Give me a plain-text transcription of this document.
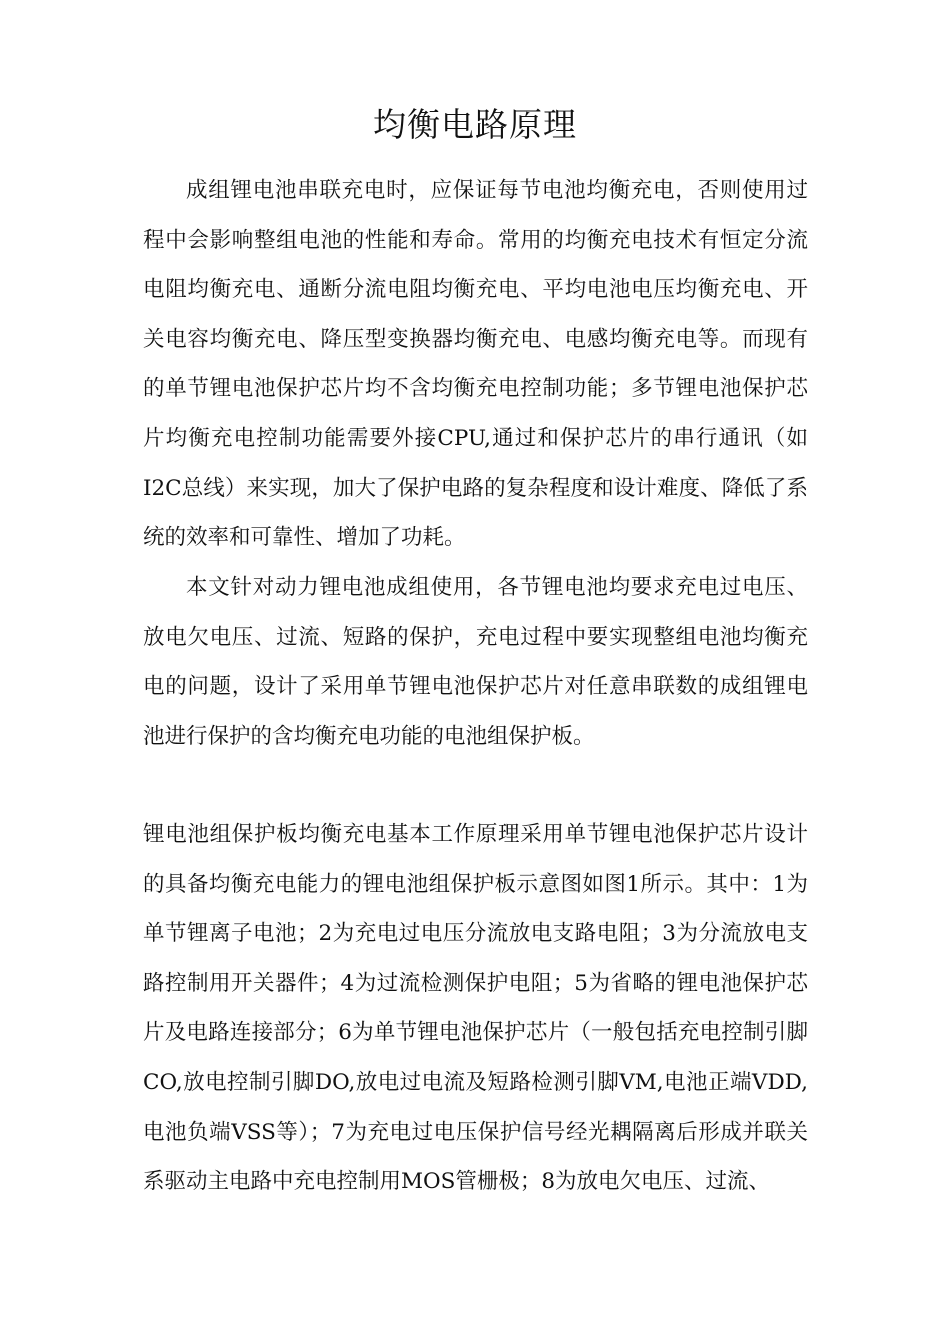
均衡电路原理

成组锂电池串联充电时，应保证每节电池均衡充电，否则使用过程中会影响整组电池的性能和寿命。常用的均衡充电技术有恒定分流电阻均衡充电、通断分流电阻均衡充电、平均电池电压均衡充电、开关电容均衡充电、降压型变换器均衡充电、电感均衡充电等。而现有的单节锂电池保护芯片均不含均衡充电控制功能；多节锂电池保护芯片均衡充电控制功能需要外接CPU,通过和保护芯片的串行通讯（如I2C总线）来实现，加大了保护电路的复杂程度和设计难度、降低了系统的效率和可靠性、增加了功耗。

本文针对动力锂电池成组使用，各节锂电池均要求充电过电压、放电欠电压、过流、短路的保护，充电过程中要实现整组电池均衡充电的问题，设计了采用单节锂电池保护芯片对任意串联数的成组锂电池进行保护的含均衡充电功能的电池组保护板。

锂电池组保护板均衡充电基本工作原理采用单节锂电池保护芯片设计的具备均衡充电能力的锂电池组保护板示意图如图1所示。其中：1为单节锂离子电池；2为充电过电压分流放电支路电阻；3为分流放电支路控制用开关器件；4为过流检测保护电阻；5为省略的锂电池保护芯片及电路连接部分；6为单节锂电池保护芯片（一般包括充电控制引脚CO,放电控制引脚DO,放电过电流及短路检测引脚VM,电池正端VDD,电池负端VSS等）；7为充电过电压保护信号经光耦隔离后形成并联关系驱动主电路中充电控制用MOS管栅极；8为放电欠电压、过流、
